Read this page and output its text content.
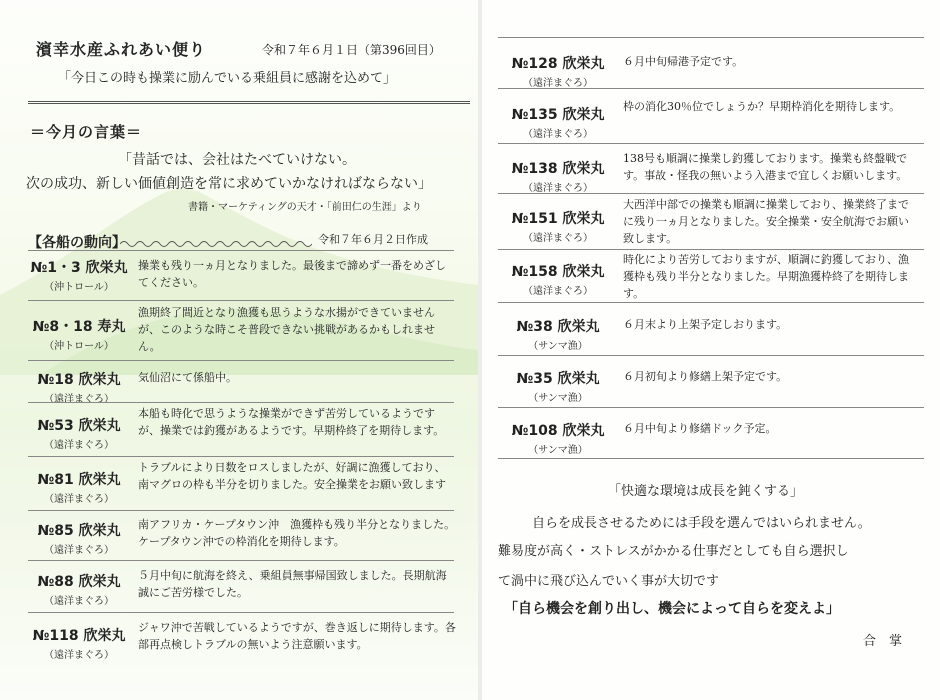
濱幸水産ふれあい便り	令和７年６月１日（第396回目）
「今日この時も操業に励んでいる乗組員に感謝を込めて」
＝今月の言葉＝
「昔話では、会社はたべていけない。
次の成功、新しい価値創造を常に求めていかなければならない」
書籍・マーケティングの天才・「前田仁の生涯」より
【各船の動向】	令和７年６月２日作成
№1・3 欣栄丸
（沖トロール）
操業も残り一ヵ月となりました。最後まで諦めず一番をめざしてください。
№8・18 寿丸
（沖トロール）
漁期終了間近となり漁獲も思うような水揚ができていませんが、このような時こそ普段できない挑戦があるかもしれません。
№18 欣栄丸
（遠洋まぐろ）
気仙沼にて係船中。
№53 欣栄丸
（遠洋まぐろ）
本船も時化で思うような操業ができず苦労しているようですが、操業では釣獲があるようです。早期枠終了を期待します。
№81 欣栄丸
（遠洋まぐろ）
トラブルにより日数をロスしましたが、好調に漁獲しており、南マグロの枠も半分を切りました。安全操業をお願い致します
№85 欣栄丸
（遠洋まぐろ）
南アフリカ・ケープタウン沖　漁獲枠も残り半分となりました。ケープタウン沖での枠消化を期待します。
№88 欣栄丸
（遠洋まぐろ）
５月中旬に航海を終え、乗組員無事帰国致しました。長期航海誠にご苦労様でした。
№118 欣栄丸
（遠洋まぐろ）
ジャワ沖で苦戦しているようですが、巻き返しに期待します。各部再点検しトラブルの無いよう注意願います。
№128 欣栄丸
（遠洋まぐろ）
６月中旬帰港予定です。
№135 欣栄丸
（遠洋まぐろ）
枠の消化30％位でしょうか？早期枠消化を期待します。
№138 欣栄丸
（遠洋まぐろ）
138号も順調に操業し釣獲しております。操業も終盤戦です。事故・怪我の無いよう入港まで宜しくお願いします。
№151 欣栄丸
（遠洋まぐろ）
大西洋中部での操業も順調に操業しており、操業終了までに残り一ヵ月となりました。安全操業・安全航海でお願い致します。
№158 欣栄丸
（遠洋まぐろ）
時化により苦労しておりますが、順調に釣獲しており、漁獲枠も残り半分となりました。早期漁獲枠終了を期待します。
№38 欣栄丸
（サンマ漁）
６月末より上架予定しおります。
№35 欣栄丸
（サンマ漁）
６月初旬より修繕上架予定です。
№108 欣栄丸
（サンマ漁）
６月中旬より修繕ドック予定。
「快適な環境は成長を鈍くする」
自らを成長させるためには手段を選んではいられません。
難易度が高く・ストレスがかかる仕事だとしても自ら選択し
て渦中に飛び込んでいく事が大切です
「自ら機会を創り出し、機会によって自らを変えよ」
合　掌
